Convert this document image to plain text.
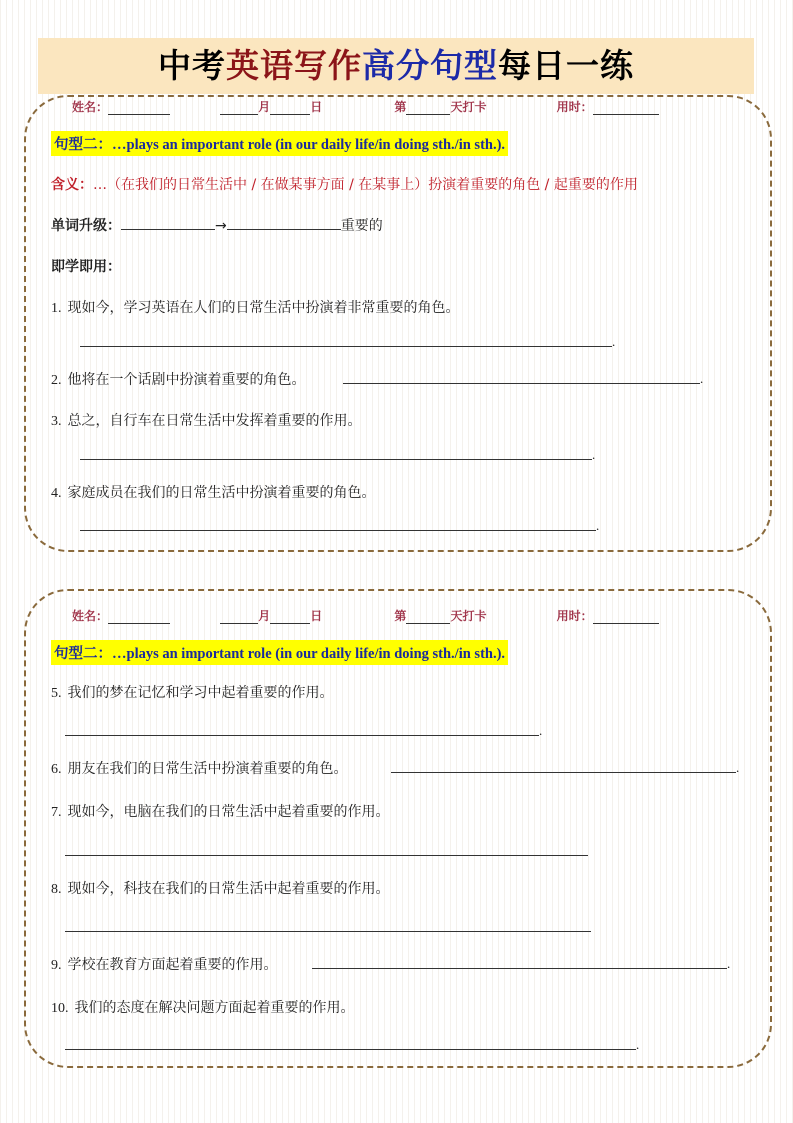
中考英语写作高分句型每日一练
姓名：	月	日	第	天打卡	用时：
句型二：…plays an important role (in our daily life/in doing sth./in sth.).
含义：…（在我们的日常生活中 / 在做某事方面 / 在某事上）扮演着重要的角色 / 起重要的作用
单词升级：	→	重要的
即学即用：
1. 现如今，学习英语在人们的日常生活中扮演着非常重要的角色。
.
2. 他将在一个话剧中扮演着重要的角色。	.
3. 总之，自行车在日常生活中发挥着重要的作用。
.
4. 家庭成员在我们的日常生活中扮演着重要的角色。
.
姓名：	月	日	第	天打卡	用时：
句型二：…plays an important role (in our daily life/in doing sth./in sth.).
5. 我们的梦在记忆和学习中起着重要的作用。
.
6. 朋友在我们的日常生活中扮演着重要的角色。	.
7. 现如今，电脑在我们的日常生活中起着重要的作用。
8. 现如今，科技在我们的日常生活中起着重要的作用。
9. 学校在教育方面起着重要的作用。	.
10. 我们的态度在解决问题方面起着重要的作用。
.
